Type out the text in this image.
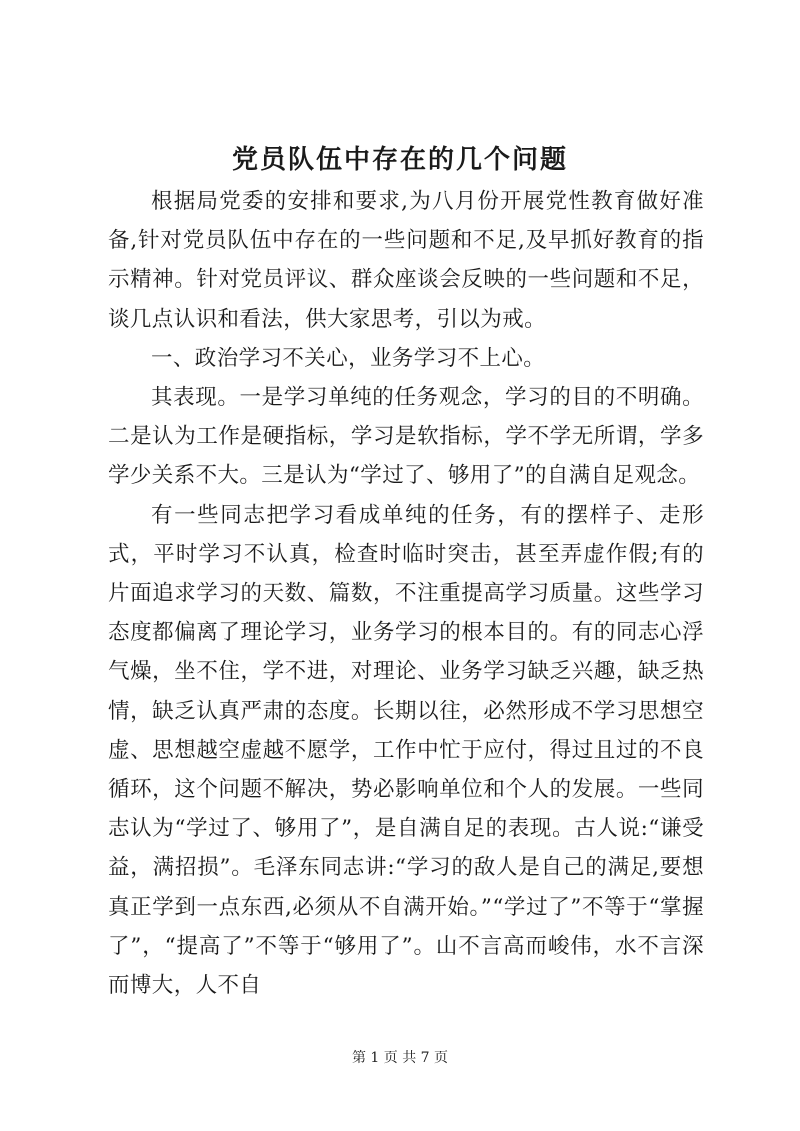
党员队伍中存在的几个问题

根据局党委的安排和要求,为八月份开展党性教育做好准备,针对党员队伍中存在的一些问题和不足,及早抓好教育的指示精神。针对党员评议、群众座谈会反映的一些问题和不足，谈几点认识和看法，供大家思考，引以为戒。

一、政治学习不关心，业务学习不上心。

其表现。一是学习单纯的任务观念，学习的目的不明确。二是认为工作是硬指标，学习是软指标，学不学无所谓，学多学少关系不大。三是认为“学过了、够用了”的自满自足观念。

有一些同志把学习看成单纯的任务，有的摆样子、走形式，平时学习不认真，检查时临时突击，甚至弄虚作假;有的片面追求学习的天数、篇数，不注重提高学习质量。这些学习态度都偏离了理论学习，业务学习的根本目的。有的同志心浮气燥，坐不住，学不进，对理论、业务学习缺乏兴趣，缺乏热情，缺乏认真严肃的态度。长期以往，必然形成不学习思想空虚、思想越空虚越不愿学，工作中忙于应付，得过且过的不良循环，这个问题不解决，势必影响单位和个人的发展。一些同志认为“学过了、够用了”，是自满自足的表现。古人说:“谦受益，满招损”。毛泽东同志讲:“学习的敌人是自己的满足,要想真正学到一点东西,必须从不自满开始。”“学过了”不等于“掌握了”，“提高了”不等于“够用了”。山不言高而峻伟，水不言深而博大，人不自

第 1 页 共 7 页
